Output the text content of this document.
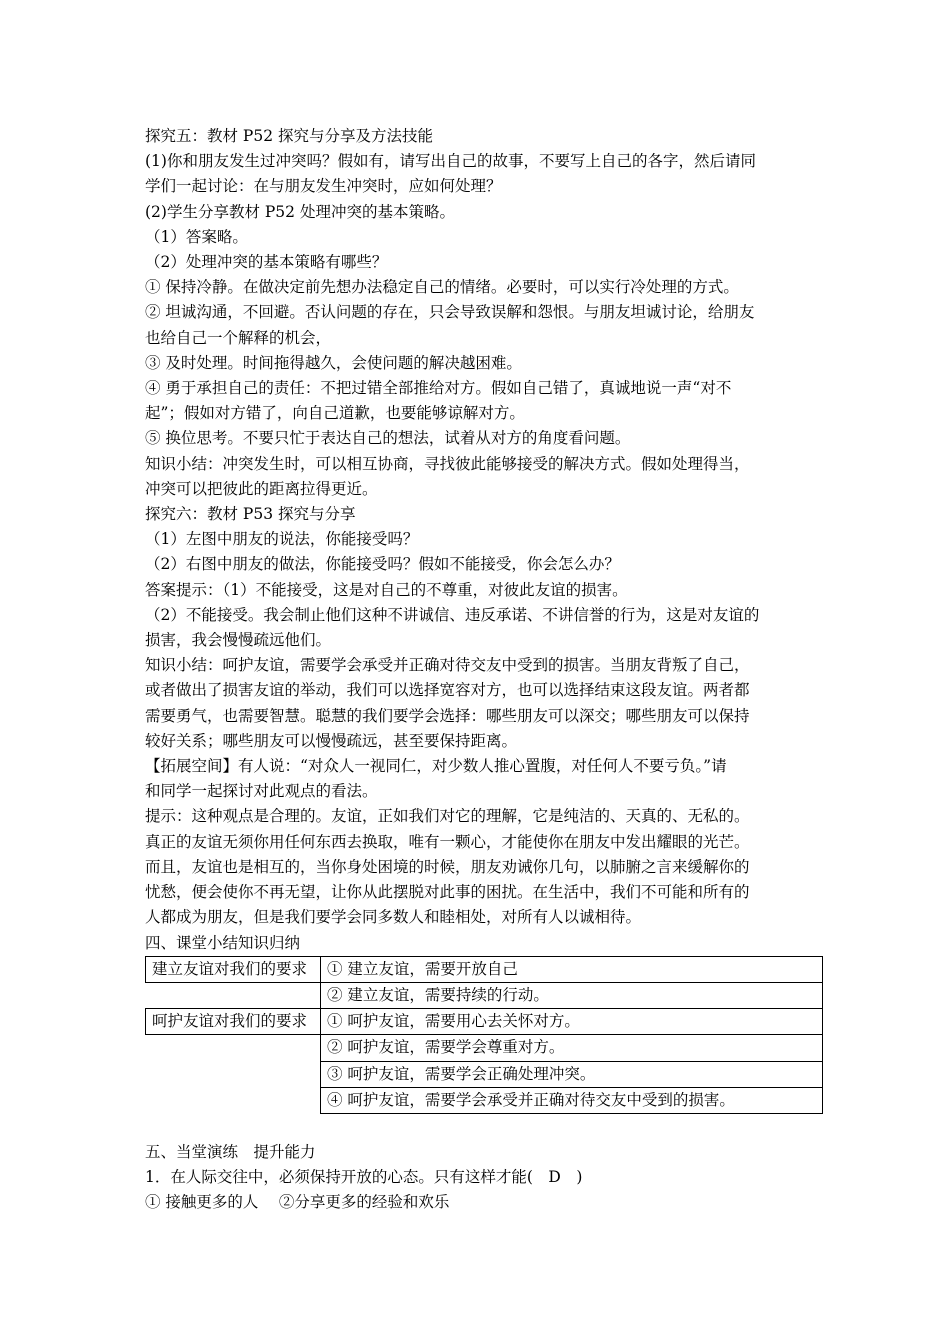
探究五：教材 P52 探究与分享及方法技能
(1)你和朋友发生过冲突吗？假如有，请写出自己的故事，不要写上自己的各字，然后请同
学们一起讨论：在与朋友发生冲突时，应如何处理？
(2)学生分享教材 P52 处理冲突的基本策略。
（1）答案略。
（2）处理冲突的基本策略有哪些？
① 保持冷静。在做决定前先想办法稳定自己的情绪。必要时，可以实行冷处理的方式。
② 坦诚沟通，不回避。否认问题的存在，只会导致误解和怨恨。与朋友坦诚讨论，给朋友
也给自己一个解释的机会，
③ 及时处理。时间拖得越久，会使问题的解决越困难。
④ 勇于承担自己的责任：不把过错全部推给对方。假如自己错了，真诚地说一声“对不
起”；假如对方错了，向自己道歉，也要能够谅解对方。
⑤ 换位思考。不要只忙于表达自己的想法，试着从对方的角度看问题。
知识小结：冲突发生时，可以相互协商，寻找彼此能够接受的解决方式。假如处理得当，
冲突可以把彼此的距离拉得更近。
探究六：教材 P53 探究与分享
（1）左图中朋友的说法，你能接受吗？
（2）右图中朋友的做法，你能接受吗？假如不能接受，你会怎么办？
答案提示：（1）不能接受，这是对自己的不尊重，对彼此友谊的损害。
（2）不能接受。我会制止他们这种不讲诚信、违反承诺、不讲信誉的行为，这是对友谊的
损害，我会慢慢疏远他们。
知识小结：呵护友谊，需要学会承受并正确对待交友中受到的损害。当朋友背叛了自己，
或者做出了损害友谊的举动，我们可以选择宽容对方，也可以选择结束这段友谊。两者都
需要勇气，也需要智慧。聪慧的我们要学会选择：哪些朋友可以深交；哪些朋友可以保持
较好关系；哪些朋友可以慢慢疏远，甚至要保持距离。
【拓展空间】有人说：“对众人一视同仁，对少数人推心置腹，对任何人不要亏负。”请
和同学一起探讨对此观点的看法。
提示：这种观点是合理的。友谊，正如我们对它的理解，它是纯洁的、天真的、无私的。
真正的友谊无须你用任何东西去换取，唯有一颗心，才能使你在朋友中发出耀眼的光芒。
而且，友谊也是相互的，当你身处困境的时候，朋友劝诫你几句，以肺腑之言来缓解你的
忧愁，便会使你不再无望，让你从此摆脱对此事的困扰。在生活中，我们不可能和所有的
人都成为朋友，但是我们要学会同多数人和睦相处，对所有人以诚相待。
四、课堂小结知识归纳
建立友谊对我们的要求	① 建立友谊，需要开放自己
	② 建立友谊，需要持续的行动。
呵护友谊对我们的要求	① 呵护友谊，需要用心去关怀对方。
	② 呵护友谊，需要学会尊重对方。
	③ 呵护友谊，需要学会正确处理冲突。
	④ 呵护友谊，需要学会承受并正确对待交友中受到的损害。
五、当堂演练　提升能力
1．在人际交往中，必须保持开放的心态。只有这样才能(　D　)
① 接触更多的人　 ②分享更多的经验和欢乐
